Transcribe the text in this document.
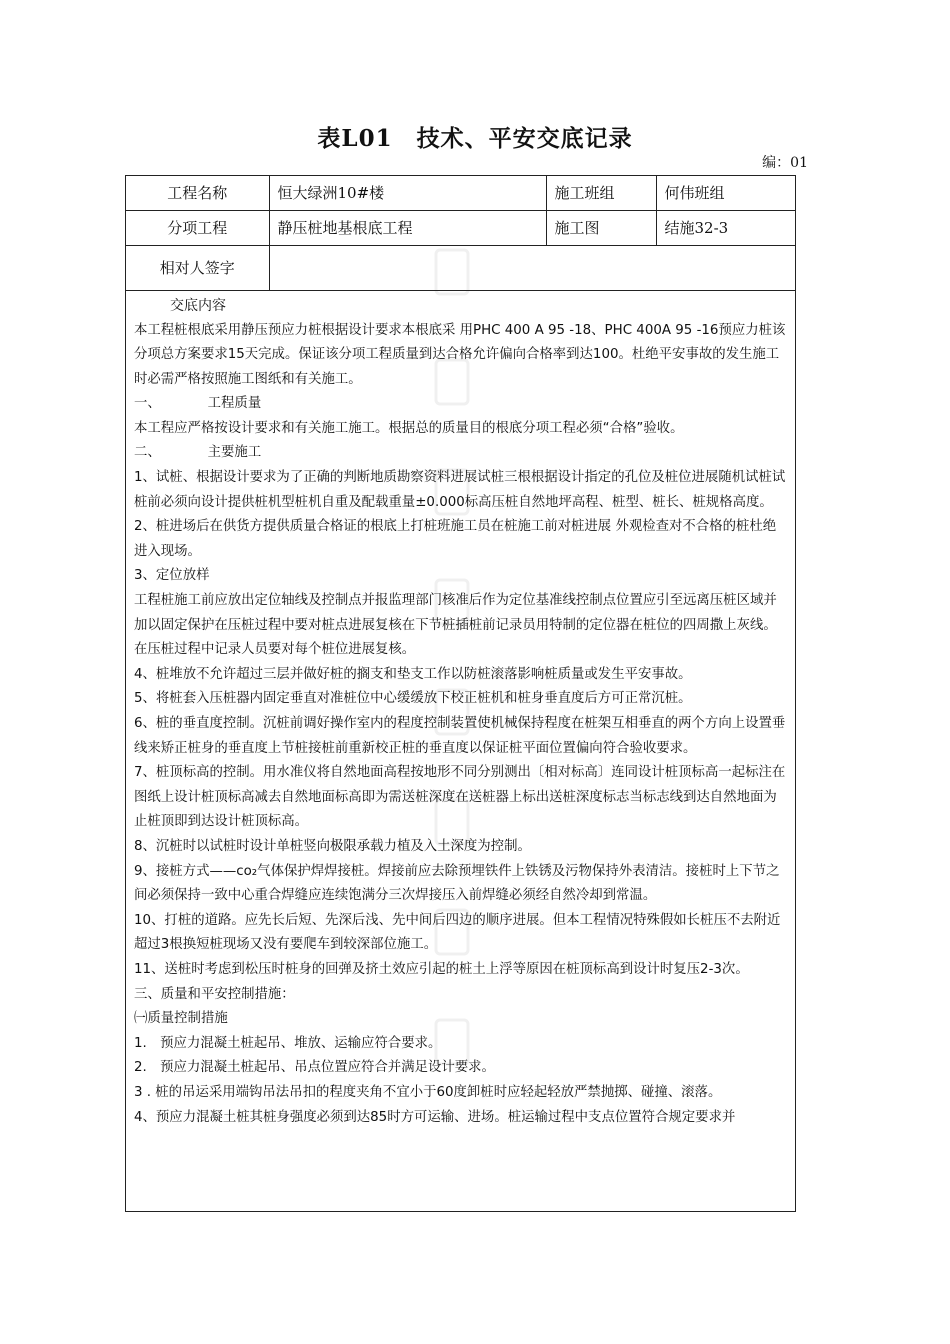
表L01　技术、平安交底记录
编：01
工程名称	恒大绿洲10#楼	施工班组	何伟班组
分项工程	静压桩地基根底工程	施工图	结施32-3
相对人签字			

交底内容

本工程桩根底采用静压预应力桩根据设计要求本根底采 用PHC 400 A 95 -18、PHC 400A 95 -16预应力桩该分项总方案要求15天完成。保证该分项工程质量到达合格允许偏向合格率到达100。杜绝平安事故的发生施工时必需严格按照施工图纸和有关施工。

一、　　　　工程质量

本工程应严格按设计要求和有关施工施工。根据总的质量目的根底分项工程必须“合格”验收。

二、　　　　主要施工

1、试桩、根据设计要求为了正确的判断地质勘察资料进展试桩三根根据设计指定的孔位及桩位进展随机试桩试桩前必须向设计提供桩机型桩机自重及配载重量±0.000标高压桩自然地坪高程、桩型、桩长、桩规格高度。

2、桩进场后在供货方提供质量合格证的根底上打桩班施工员在桩施工前对桩进展 外观检查对不合格的桩杜绝进入现场。

3、定位放样

工程桩施工前应放出定位轴线及控制点并报监理部门核准后作为定位基准线控制点位置应引至远离压桩区域并加以固定保护在压桩过程中要对桩点进展复核在下节桩插桩前记录员用特制的定位器在桩位的四周撒上灰线。在压桩过程中记录人员要对每个桩位进展复核。

4、桩堆放不允许超过三层并做好桩的搁支和垫支工作以防桩滚落影响桩质量或发生平安事故。

5、将桩套入压桩器内固定垂直对准桩位中心缓缓放下校正桩机和桩身垂直度后方可正常沉桩。

6、桩的垂直度控制。沉桩前调好操作室内的程度控制装置使机械保持程度在桩架互相垂直的两个方向上设置垂线来矫正桩身的垂直度上节桩接桩前重新校正桩的垂直度以保证桩平面位置偏向符合验收要求。

7、桩顶标高的控制。用水准仪将自然地面高程按地形不同分别测出〔相对标高〕连同设计桩顶标高一起标注在图纸上设计桩顶标高减去自然地面标高即为需送桩深度在送桩器上标出送桩深度标志当标志线到达自然地面为止桩顶即到达设计桩顶标高。

8、沉桩时以试桩时设计单桩竖向极限承载力植及入土深度为控制。

9、接桩方式——co₂气体保护焊焊接桩。焊接前应去除预埋铁件上铁锈及污物保持外表清洁。接桩时上下节之间必须保持一致中心重合焊缝应连续饱满分三次焊接压入前焊缝必须经自然冷却到常温。

10、打桩的道路。应先长后短、先深后浅、先中间后四边的顺序进展。但本工程情况特殊假如长桩压不去附近超过3根换短桩现场又没有要爬车到较深部位施工。

11、送桩时考虑到松压时桩身的回弹及挤土效应引起的桩土上浮等原因在桩顶标高到设计时复压2-3次。

三、质量和平安控制措施：

㈠质量控制措施

1.　预应力混凝土桩起吊、堆放、运输应符合要求。

2.　预应力混凝土桩起吊、吊点位置应符合并满足设计要求。

3 . 桩的吊运采用端钩吊法吊扣的程度夹角不宜小于60度卸桩时应轻起轻放严禁抛掷、碰撞、滚落。

4、预应力混凝土桩其桩身强度必须到达85时方可运输、进场。桩运输过程中支点位置符合规定要求并
